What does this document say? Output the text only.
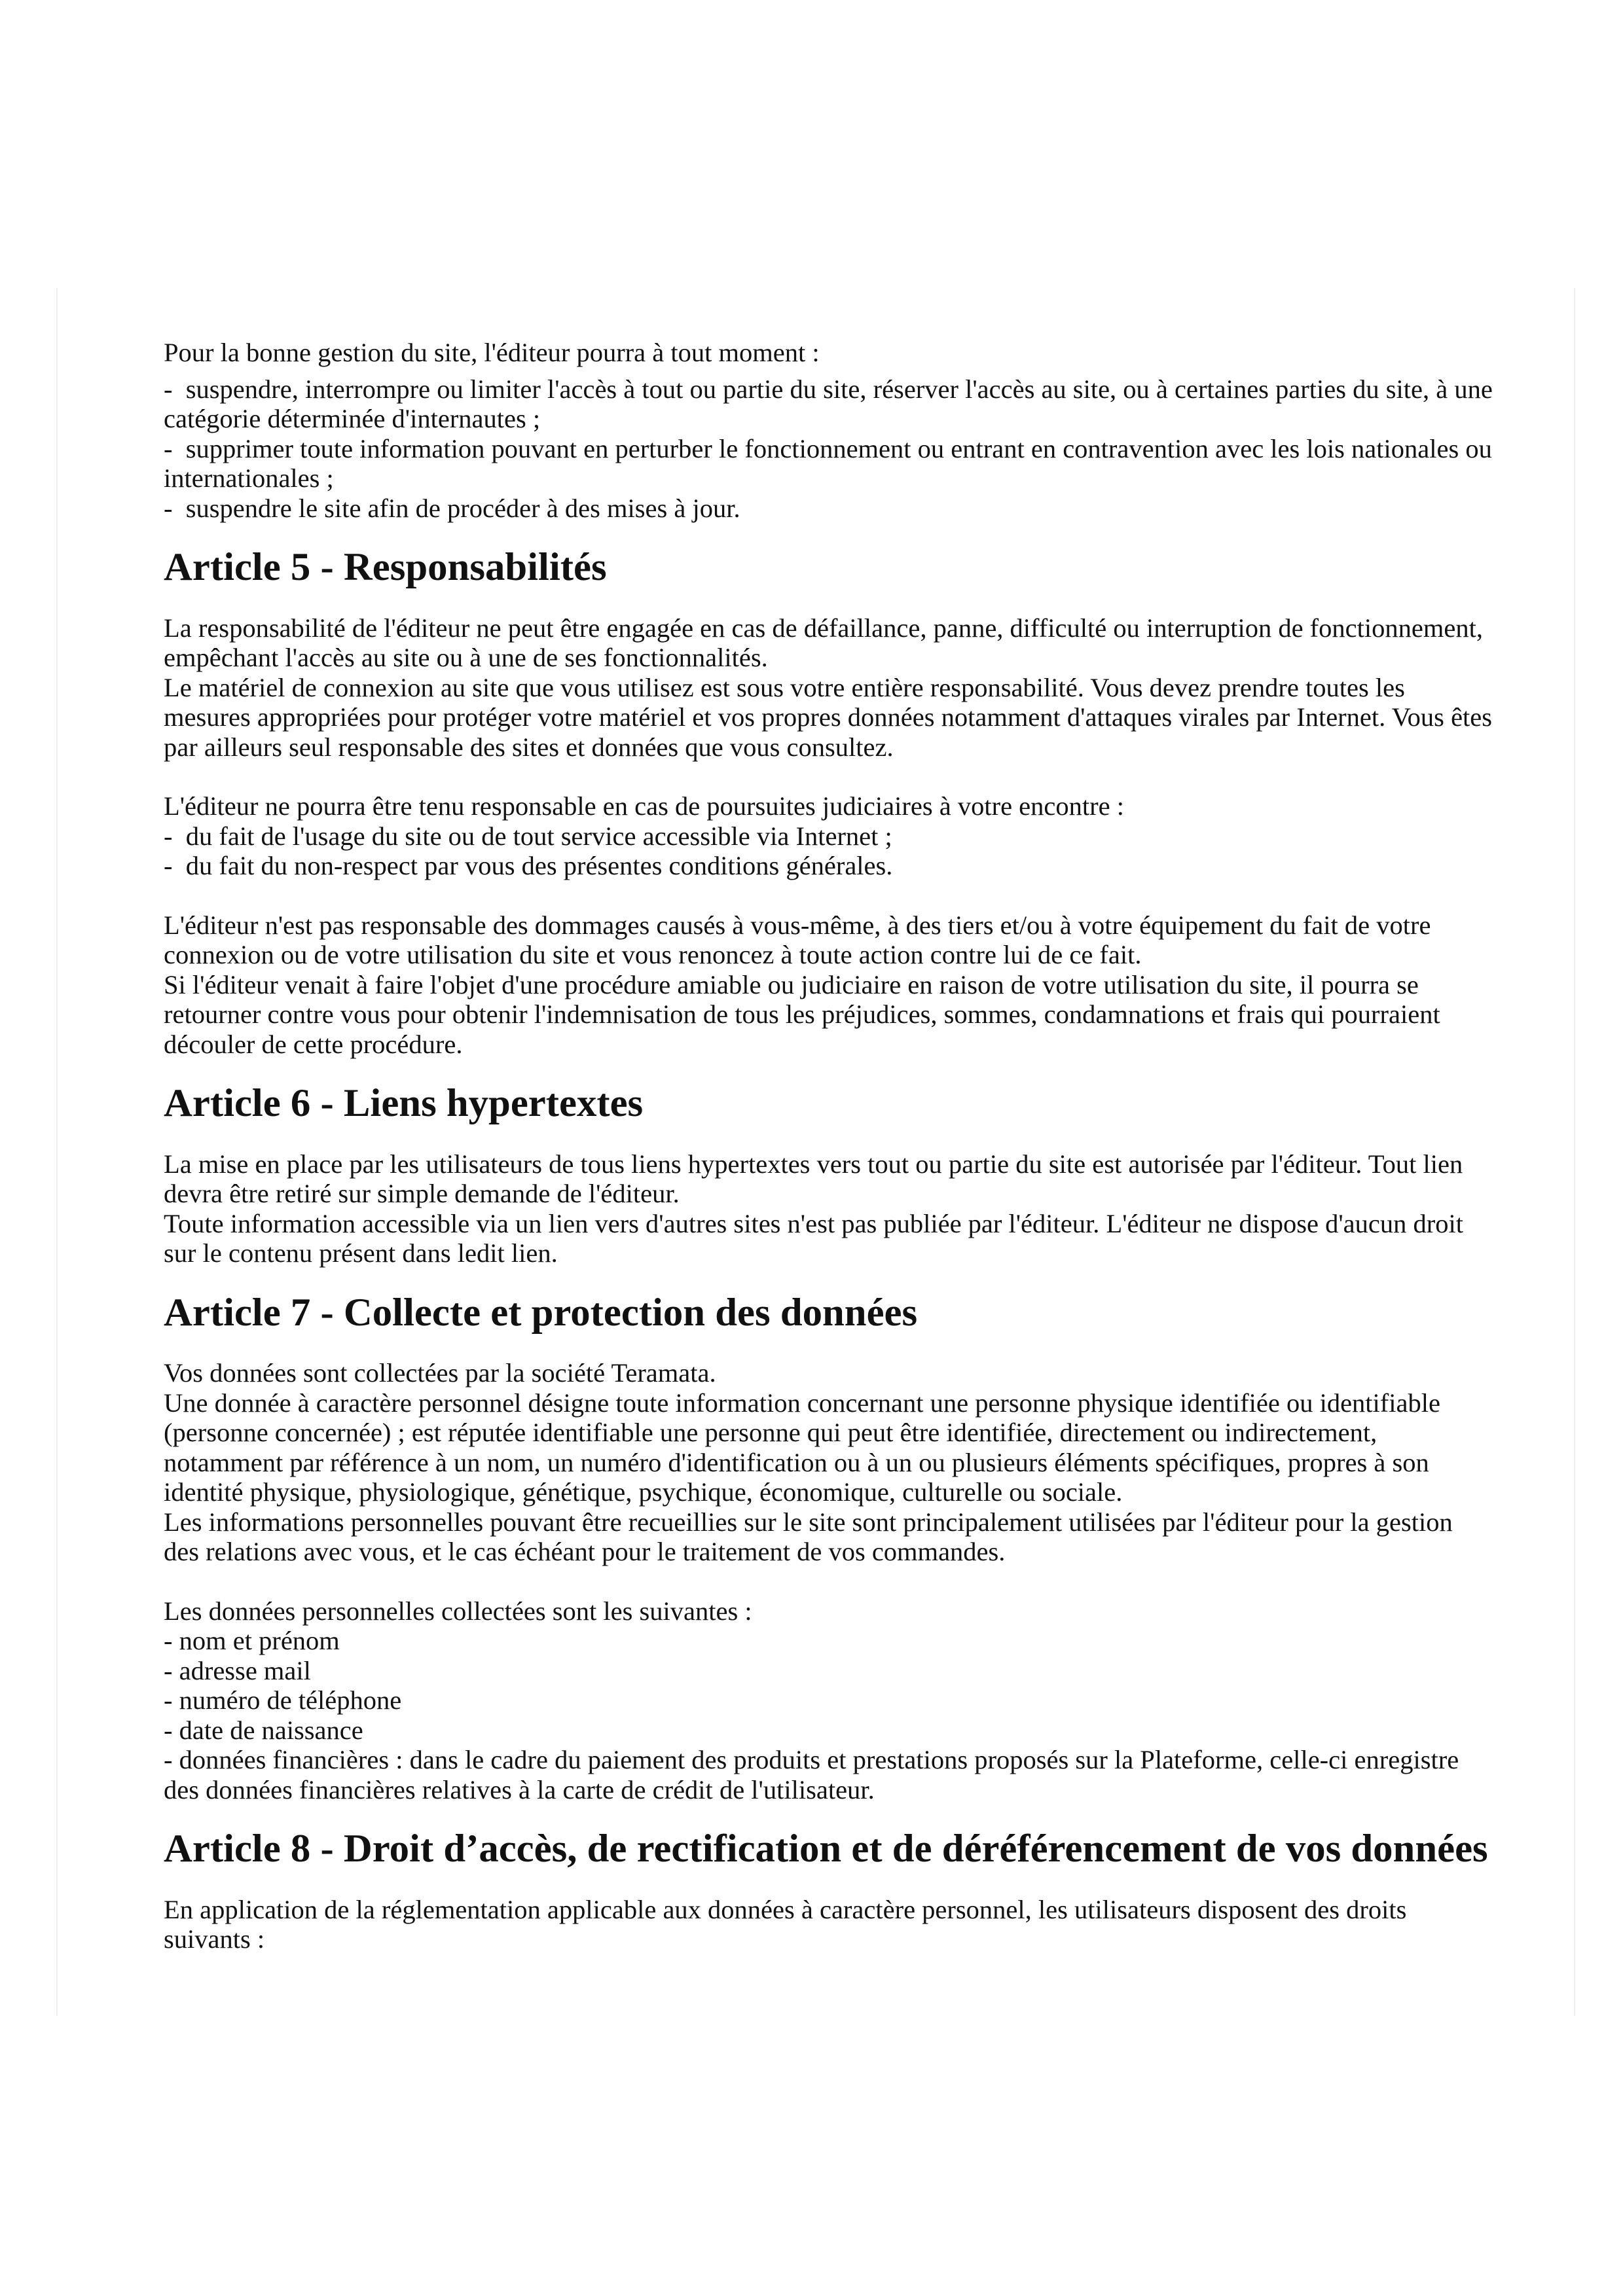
Pour la bonne gestion du site, l'éditeur pourra à tout moment :

-  suspendre, interrompre ou limiter l'accès à tout ou partie du site, réserver l'accès au site, ou à certaines parties du site, à une catégorie déterminée d'internautes ;

-  supprimer toute information pouvant en perturber le fonctionnement ou entrant en contravention avec les lois nationales ou internationales ;

-  suspendre le site afin de procéder à des mises à jour.

Article 5 - Responsabilités

La responsabilité de l'éditeur ne peut être engagée en cas de défaillance, panne, difficulté ou interruption de fonctionnement, empêchant l'accès au site ou à une de ses fonctionnalités.

Le matériel de connexion au site que vous utilisez est sous votre entière responsabilité. Vous devez prendre toutes les mesures appropriées pour protéger votre matériel et vos propres données notamment d'attaques virales par Internet. Vous êtes par ailleurs seul responsable des sites et données que vous consultez.

L'éditeur ne pourra être tenu responsable en cas de poursuites judiciaires à votre encontre :

-  du fait de l'usage du site ou de tout service accessible via Internet ;

-  du fait du non-respect par vous des présentes conditions générales.

L'éditeur n'est pas responsable des dommages causés à vous-même, à des tiers et/ou à votre équipement du fait de votre connexion ou de votre utilisation du site et vous renoncez à toute action contre lui de ce fait.

Si l'éditeur venait à faire l'objet d'une procédure amiable ou judiciaire en raison de votre utilisation du site, il pourra se retourner contre vous pour obtenir l'indemnisation de tous les préjudices, sommes, condamnations et frais qui pourraient découler de cette procédure.

Article 6 - Liens hypertextes

La mise en place par les utilisateurs de tous liens hypertextes vers tout ou partie du site est autorisée par l'éditeur. Tout lien devra être retiré sur simple demande de l'éditeur.

Toute information accessible via un lien vers d'autres sites n'est pas publiée par l'éditeur. L'éditeur ne dispose d'aucun droit sur le contenu présent dans ledit lien.

Article 7 - Collecte et protection des données

Vos données sont collectées par la société Teramata.

Une donnée à caractère personnel désigne toute information concernant une personne physique identifiée ou identifiable (personne concernée) ; est réputée identifiable une personne qui peut être identifiée, directement ou indirectement, notamment par référence à un nom, un numéro d'identification ou à un ou plusieurs éléments spécifiques, propres à son identité physique, physiologique, génétique, psychique, économique, culturelle ou sociale.

Les informations personnelles pouvant être recueillies sur le site sont principalement utilisées par l'éditeur pour la gestion des relations avec vous, et le cas échéant pour le traitement de vos commandes.

Les données personnelles collectées sont les suivantes :

- nom et prénom

- adresse mail

- numéro de téléphone

- date de naissance

- données financières : dans le cadre du paiement des produits et prestations proposés sur la Plateforme, celle-ci enregistre des données financières relatives à la carte de crédit de l'utilisateur.

Article 8 - Droit d’accès, de rectification et de déréférencement de vos données

En application de la réglementation applicable aux données à caractère personnel, les utilisateurs disposent des droits suivants :
